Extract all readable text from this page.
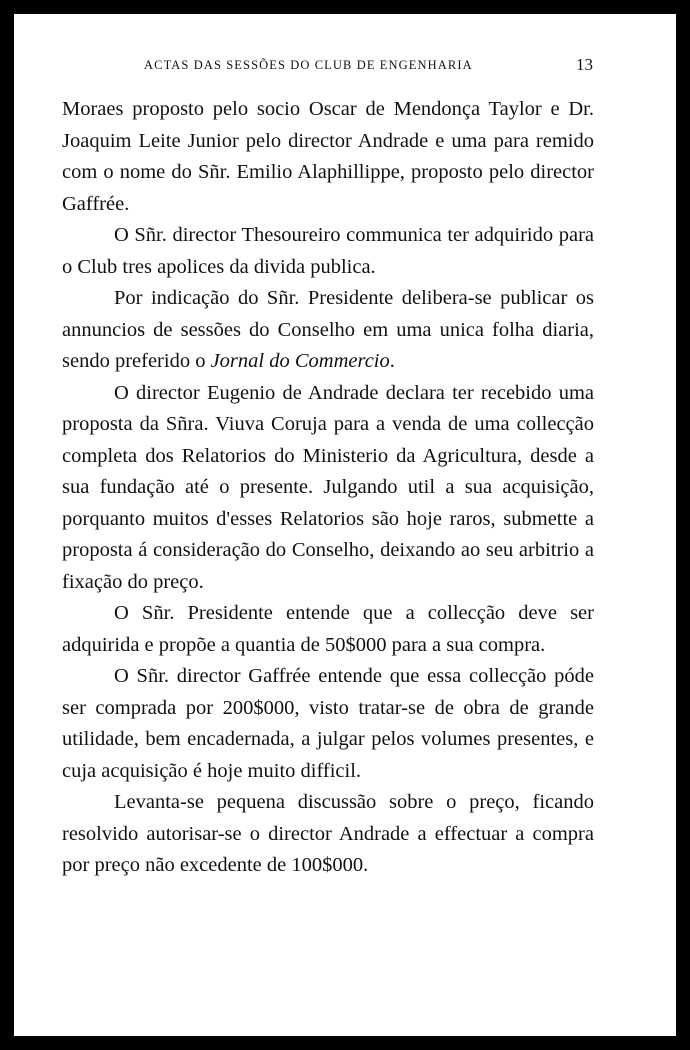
ACTAS DAS SESSÕES DO CLUB DE ENGENHARIA	13

Moraes proposto pelo socio Oscar de Mendonça Taylor e Dr. Joaquim Leite Junior pelo director Andrade e uma para remido com o nome do Sñr. Emilio Alaphillippe, proposto pelo director Gaffrée.

O Sñr. director Thesoureiro communica ter adquirido para o Club tres apolices da divida publica.

Por indicação do Sñr. Presidente delibera-se publicar os annuncios de sessões do Conselho em uma unica folha diaria, sendo preferido o Jornal do Commercio.

O director Eugenio de Andrade declara ter recebido uma proposta da Sñra. Viuva Coruja para a venda de uma collecção completa dos Relatorios do Ministerio da Agricultura, desde a sua fundação até o presente. Julgando util a sua acquisição, porquanto muitos d'esses Relatorios são hoje raros, submette a proposta á consideração do Conselho, deixando ao seu arbitrio a fixação do preço.

O Sñr. Presidente entende que a collecção deve ser adquirida e propõe a quantia de 50$000 para a sua compra.

O Sñr. director Gaffrée entende que essa collecção póde ser comprada por 200$000, visto tratar-se de obra de grande utilidade, bem encadernada, a julgar pelos volumes presentes, e cuja acquisição é hoje muito difficil.

Levanta-se pequena discussão sobre o preço, ficando resolvido autorisar-se o director Andrade a effectuar a compra por preço não excedente de 100$000.
